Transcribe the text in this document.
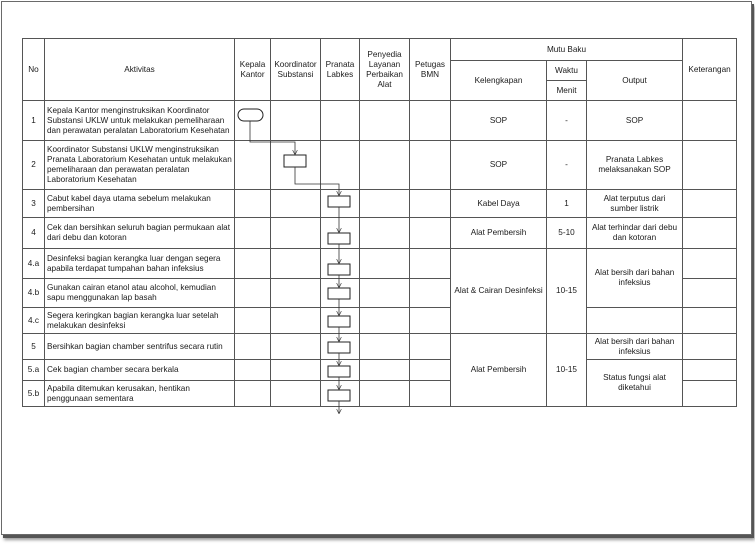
No	Aktivitas	Kepala Kantor	Koordinator Substansi	Pranata Labkes	Penyedia Layanan Perbaikan Alat	Petugas BMN	Mutu Baku			Keterangan
							Kelengkapan	Waktu	Output	
								Menit		
1	Kepala Kantor menginstruksikan Koordinator Substansi UKLW untuk melakukan pemeliharaan dan perawatan peralatan Laboratorium Kesehatan						SOP	-	SOP	
2	Koordinator Substansi UKLW menginstruksikan Pranata Laboratorium Kesehatan untuk melakukan pemeliharaan dan perawatan peralatan Laboratorium Kesehatan						SOP	-	Pranata Labkes melaksanakan SOP	
3	Cabut kabel daya utama sebelum melakukan pembersihan						Kabel Daya	1	Alat terputus dari sumber listrik	
4	Cek dan bersihkan seluruh bagian permukaan alat dari debu dan kotoran						Alat Pembersih	5-10	Alat terhindar dari debu dan kotoran	
4.a	Desinfeksi bagian kerangka luar dengan segera apabila terdapat tumpahan bahan infeksius						Alat & Cairan Desinfeksi	10-15	Alat bersih dari bahan infeksius	
4.b	Gunakan cairan etanol atau alcohol, kemudian sapu menggunakan lap basah									
4.c	Segera keringkan bagian kerangka luar setelah melakukan desinfeksi									
5	Bersihkan bagian chamber sentrifus secara rutin						Alat Pembersih	10-15	Alat bersih dari bahan infeksius	
5.a	Cek bagian chamber secara berkala								Status fungsi alat diketahui	
5.b	Apabila ditemukan kerusakan, hentikan penggunaan sementara									
